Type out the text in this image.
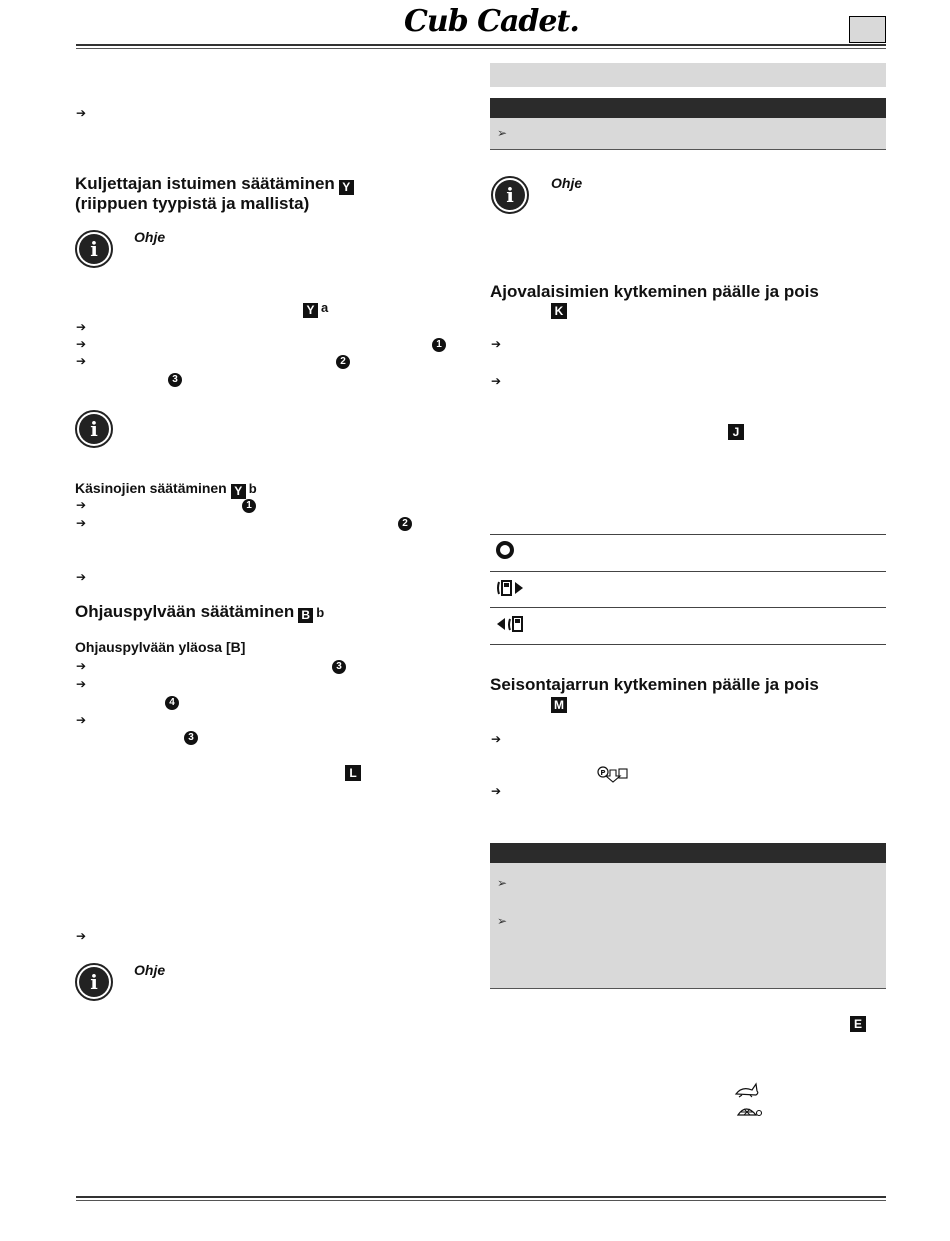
Cub Cadet.
➔
Kuljettajan istuimen säätäminen Y
(riippuen tyypistä ja mallista)
i	Ohje
Y a
➔
➔	1
➔	2
3
i
Käsinojien säätäminen Y b
➔	1
➔	2
➔
Ohjauspylvään säätäminen B b
Ohjauspylvään yläosa [B]
➔	3
➔
4
➔
3
L
➔
i	Ohje
➢
i	Ohje
Ajovalaisimien kytkeminen päälle ja pois
K
➔
➔
J
Seisontajarrun kytkeminen päälle ja pois
M
➔
P
➔
➢
➢
E
